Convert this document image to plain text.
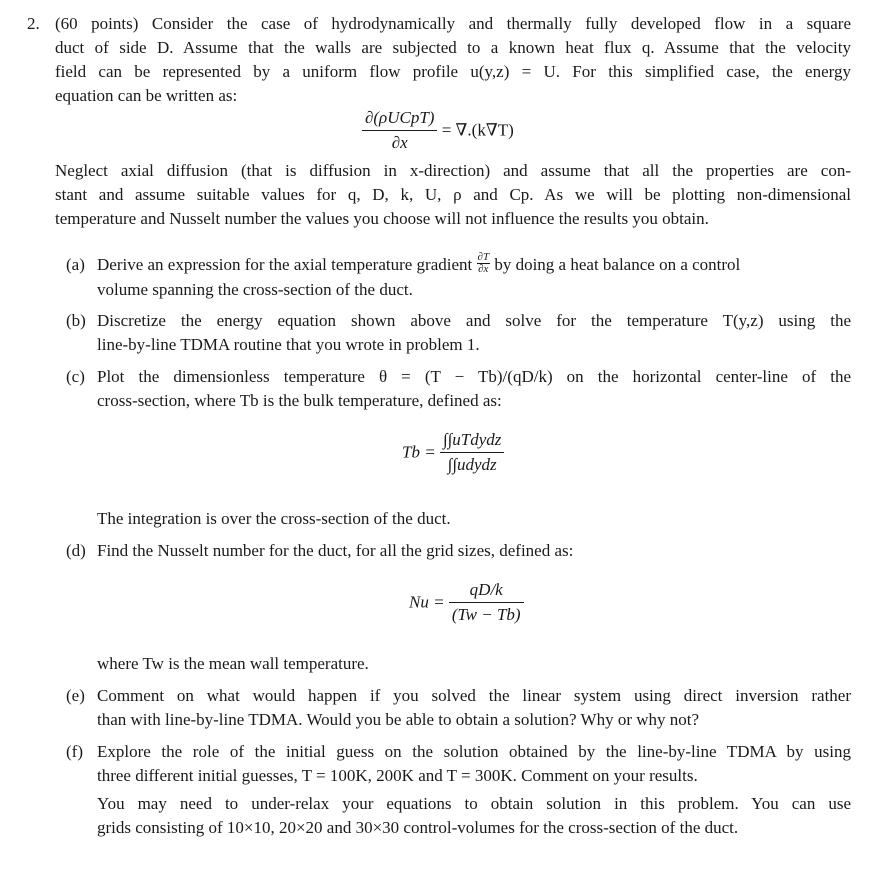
2. (60 points) Consider the case of hydrodynamically and thermally fully developed flow in a square
duct of side D. Assume that the walls are subjected to a known heat flux q. Assume that the velocity
field can be represented by a uniform flow profile u(y,z) = U. For this simplified case, the energy
equation can be written as:
$\frac{\text{∂(ρUCpT)}}{\partial x} = \nabla.(k\nabla T)$
Neglect axial diffusion (that is diffusion in x-direction) and assume that all the properties are con-
stant and assume suitable values for q, D, k, U, ρ and Cp. As we will be plotting non-dimensional
temperature and Nusselt number the values you choose will not influence the results you obtain.
(a) Derive an expression for the axial temperature gradient $\frac{\partial T}{\partial x}$ by doing a heat balance on a control
volume spanning the cross-section of the duct.
(b) Discretize the energy equation shown above and solve for the temperature T(y,z) using the
line-by-line TDMA routine that you wrote in problem 1.
(c) Plot the dimensionless temperature θ = (T − Tb)/(qD/k) on the horizontal center-line of the
cross-section, where Tb is the bulk temperature, defined as:
$Tb = \frac{\text{∫∫uTdydz}}{\text{∫∫udydz}}$
The integration is over the cross-section of the duct.
(d) Find the Nusselt number for the duct, for all the grid sizes, defined as:
$Nu = \frac{qD/k}{(Tw - Tb)}$
where Tw is the mean wall temperature.
(e) Comment on what would happen if you solved the linear system using direct inversion rather
than with line-by-line TDMA. Would you be able to obtain a solution? Why or why not?
(f) Explore the role of the initial guess on the solution obtained by the line-by-line TDMA by using
three different initial guesses, T = 100K, 200K and T = 300K. Comment on your results.
You may need to under-relax your equations to obtain solution in this problem. You can use
grids consisting of 10×10, 20×20 and 30×30 control-volumes for the cross-section of the duct.
